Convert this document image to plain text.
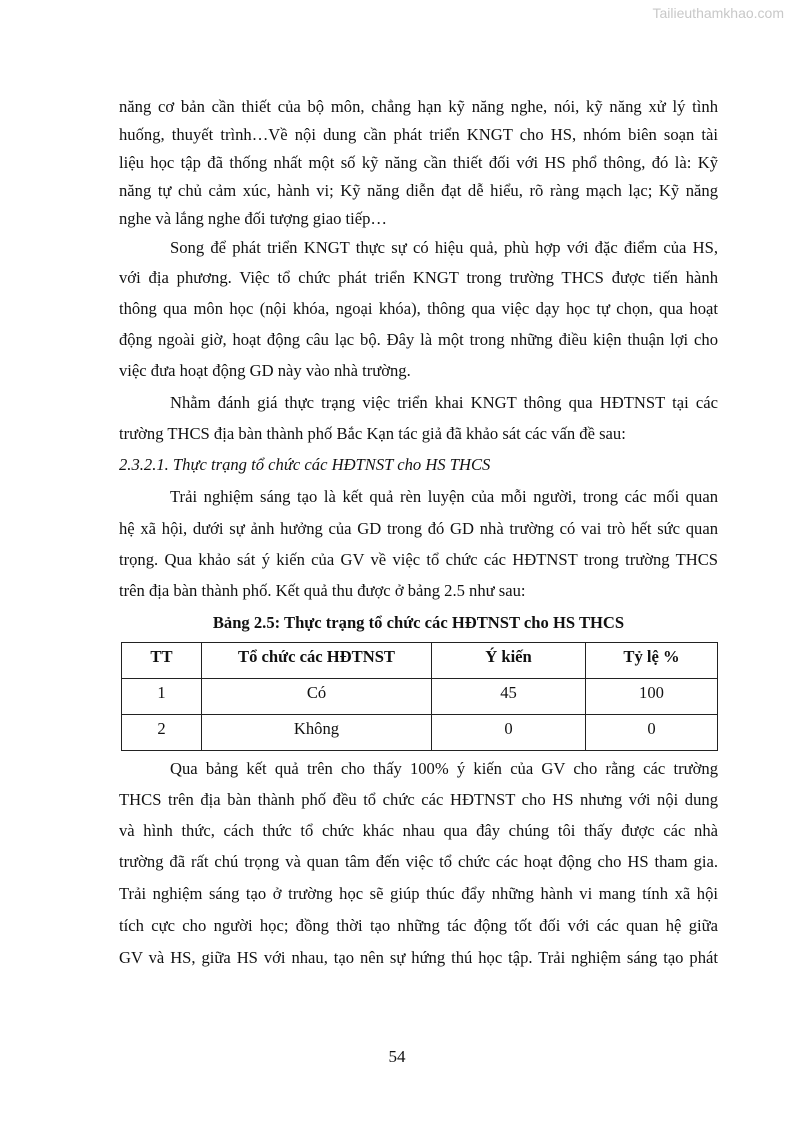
Tailieuthamkhao.com
năng cơ bản cần thiết của bộ môn, chẳng hạn kỹ năng nghe, nói, kỹ năng xử lý tình
huống, thuyết trình…Về nội dung cần phát triển KNGT cho HS, nhóm biên soạn tài
liệu học tập đã thống nhất một số kỹ năng cần thiết đối với HS phổ thông, đó là: Kỹ
năng tự chủ cảm xúc, hành vi; Kỹ năng diễn đạt dễ hiểu, rõ ràng mạch lạc; Kỹ năng
nghe và lắng nghe đối tượng giao tiếp…
Song để phát triển KNGT thực sự có hiệu quả, phù hợp với đặc điểm của HS,
với địa phương. Việc tổ chức phát triển KNGT trong trường THCS được tiến hành
thông qua môn học (nội khóa, ngoại khóa), thông qua việc dạy học tự chọn, qua hoạt
động ngoài giờ, hoạt động câu lạc bộ. Đây là một trong những điều kiện thuận lợi cho
việc đưa hoạt động GD này vào nhà trường.
Nhằm đánh giá thực trạng việc triển khai KNGT thông qua HĐTNST tại các
trường THCS địa bàn thành phố Bắc Kạn tác giả đã khảo sát các vấn đề sau:
2.3.2.1. Thực trạng tổ chức các HĐTNST cho HS THCS
Trải nghiệm sáng tạo là kết quả rèn luyện của mỗi người, trong các mối quan
hệ xã hội, dưới sự ảnh hưởng của GD trong đó GD nhà trường có vai trò hết sức quan
trọng. Qua khảo sát ý kiến của GV về việc tổ chức các HĐTNST trong trường THCS
trên địa bàn thành phố. Kết quả thu được ở bảng 2.5 như sau:
Bảng 2.5: Thực trạng tổ chức các HĐTNST cho HS THCS
TT	Tổ chức các HĐTNST	Ý kiến	Tỷ lệ %
1	Có	45	100
2	Không	0	0
Qua bảng kết quả trên cho thấy 100% ý kiến của GV cho rằng các trường
THCS trên địa bàn thành phố đều tổ chức các HĐTNST cho HS nhưng với nội dung
và hình thức, cách thức tổ chức khác nhau qua đây chúng tôi thấy được các nhà
trường đã rất chú trọng và quan tâm đến việc tổ chức các hoạt động cho HS tham gia.
Trải nghiệm sáng tạo ở trường học sẽ giúp thúc đẩy những hành vi mang tính xã hội
tích cực cho người học; đồng thời tạo những tác động tốt đối với các quan hệ giữa
GV và HS, giữa HS với nhau, tạo nên sự hứng thú học tập. Trải nghiệm sáng tạo phát
54
